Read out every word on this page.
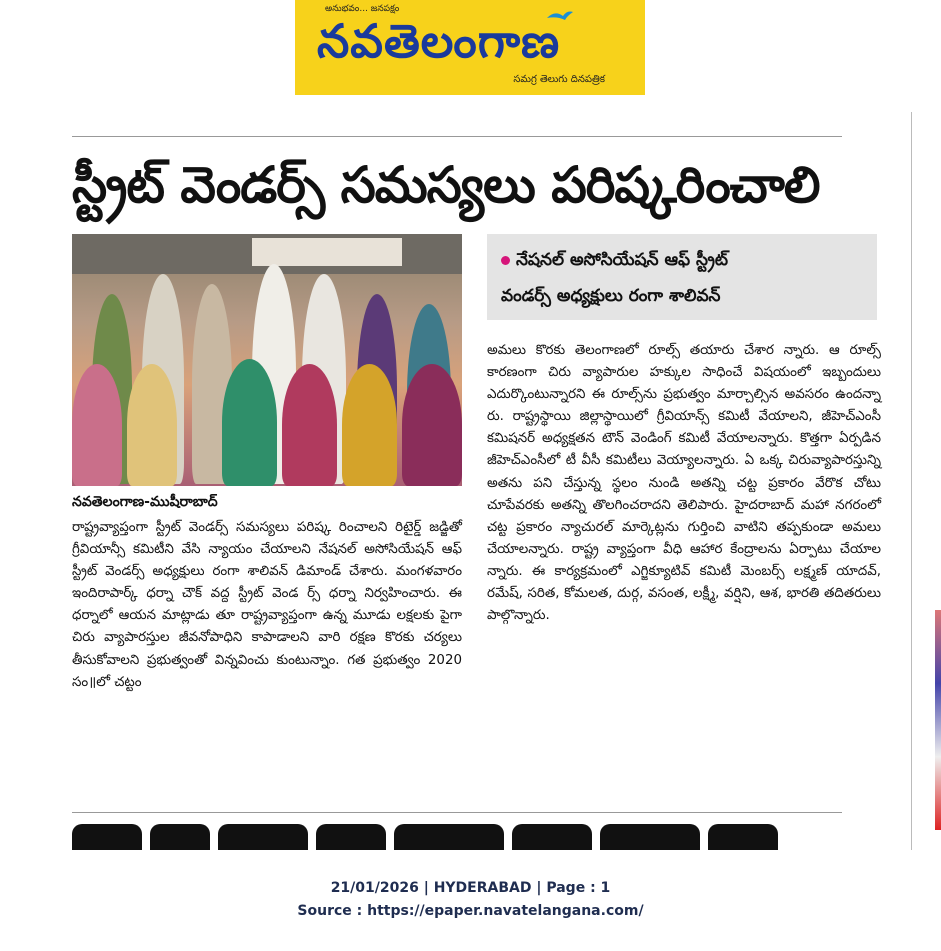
అనుభవం... జనపక్షం
నవతెలంగాణ
సమగ్ర తెలుగు దినపత్రిక
స్ట్రీట్ వెండర్స్ సమస్యలు పరిష్కరించాలి
నేషనల్ అసోసియేషన్ ఆఫ్ స్ట్రీట్
వండర్స్ అధ్యక్షులు రంగా శాలివన్
నవతెలంగాణ-ముషీరాబాద్
రాష్ట్రవ్యాప్తంగా స్ట్రీట్ వెండర్స్ సమస్యలు పరిష్క రించాలని రిటైర్డ్ జడ్జితో గ్రీవియాన్సీ కమిటీని వేసి న్యాయం చేయాలని నేషనల్ అసోసియేషన్ ఆఫ్ స్ట్రీట్ వెండర్స్ అధ్యక్షులు రంగా శాలివన్ డిమాండ్ చేశారు. మంగళవారం ఇందిరాపార్క్ ధర్నా చౌక్ వద్ద స్ట్రీట్ వెండ ర్స్ ధర్నా నిర్వహించారు. ఈ ధర్నాలో ఆయన మాట్లాడు తూ రాష్ట్రవ్యాప్తంగా ఉన్న మూడు లక్షలకు పైగా చిరు వ్యాపారస్తుల జీవనోపాధిని కాపాడాలని వారి రక్షణ కొరకు చర్యలు తీసుకోవాలని ప్రభుత్వంతో విన్నవించు కుంటున్నాం. గత ప్రభుత్వం 2020 సం॥లో చట్టం
అమలు కొరకు తెలంగాణలో రూల్స్ తయారు చేశార న్నారు. ఆ రూల్స్ కారణంగా చిరు వ్యాపారుల హక్కుల సాధించే విషయంలో ఇబ్బందులు ఎదుర్కొంటున్నారని ఈ రూల్స్‌ను ప్రభుత్వం మార్చాల్సిన అవసరం ఉందన్నా రు. రాష్ట్రస్థాయి జిల్లాస్థాయిలో గ్రీవియాన్స్ కమిటీ వేయాలని, జీహెచ్ఎంసీ కమిషనర్ అధ్యక్షతన టౌన్ వెండింగ్ కమిటీ వేయాలన్నారు. కొత్తగా ఏర్పడిన జీహెచ్ఎంసీలో టీ వీసీ కమిటీలు వెయ్యాలన్నారు. ఏ ఒక్క చిరువ్యాపారస్తున్ని అతను పని చేస్తున్న స్థలం నుండి అతన్ని చట్ట ప్రకారం వేరొక చోటు చూపేవరకు అతన్ని తొలగించరాదని తెలిపారు. హైదరాబాద్ మహా నగరంలో చట్ట ప్రకారం న్యాచురల్ మార్కెట్లను గుర్తించి వాటిని తప్పకుండా అమలు చేయాలన్నారు. రాష్ట్ర వ్యాప్తంగా వీధి ఆహార కేంద్రాలను ఏర్పాటు చేయాల న్నారు. ఈ కార్యక్రమంలో ఎగ్జిక్యూటివ్ కమిటీ మెంబర్స్ లక్ష్మణ్ యాదవ్, రమేష్, సరిత, కోమలత, దుర్గ, వసంత, లక్ష్మీ, వర్షిని, ఆశ, భారతి తదితరులు పాల్గొన్నారు.
21/01/2026 | HYDERABAD | Page : 1
Source : https://epaper.navatelangana.com/
